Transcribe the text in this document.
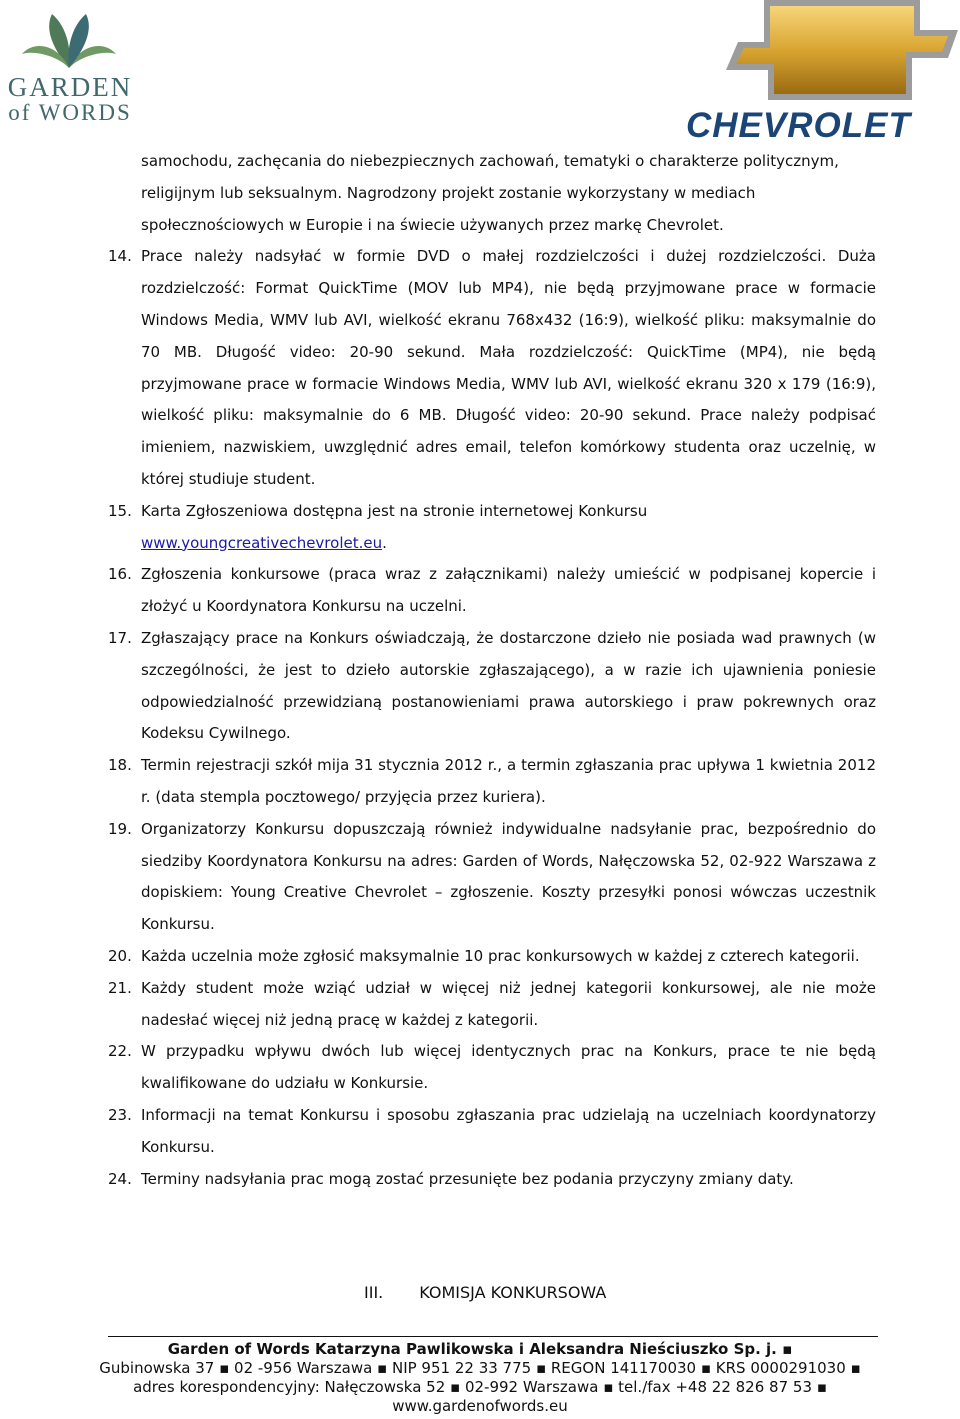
GARDEN
of WORDS	CHEVROLET
samochodu, zachęcania do niebezpiecznych zachowań, tematyki o charakterze politycznym,
religijnym lub seksualnym. Nagrodzony projekt zostanie wykorzystany w mediach
społecznościowych w Europie i na świecie używanych przez markę Chevrolet.
14. Prace należy nadsyłać w formie DVD o małej rozdzielczości i dużej rozdzielczości. Duża rozdzielczość: Format QuickTime (MOV lub MP4), nie będą przyjmowane prace w formacie Windows Media, WMV lub AVI, wielkość ekranu 768x432 (16:9), wielkość pliku: maksymalnie do 70 MB. Długość video: 20-90 sekund. Mała rozdzielczość: QuickTime (MP4), nie będą przyjmowane prace w formacie Windows Media, WMV lub AVI, wielkość ekranu 320 x 179 (16:9), wielkość pliku: maksymalnie do 6 MB. Długość video: 20-90 sekund. Prace należy podpisać imieniem, nazwiskiem, uwzględnić adres email, telefon komórkowy studenta oraz uczelnię, w której studiuje student.
15. Karta Zgłoszeniowa dostępna jest na stronie internetowej Konkursu
www.youngcreativechevrolet.eu.
16. Zgłoszenia konkursowe (praca wraz z załącznikami) należy umieścić w podpisanej kopercie i złożyć u Koordynatora Konkursu na uczelni.
17. Zgłaszający prace na Konkurs oświadczają, że dostarczone dzieło nie posiada wad prawnych (w szczególności, że jest to dzieło autorskie zgłaszającego), a w razie ich ujawnienia poniesie odpowiedzialność przewidzianą postanowieniami prawa autorskiego i praw pokrewnych oraz Kodeksu Cywilnego.
18. Termin rejestracji szkół mija 31 stycznia 2012 r., a termin zgłaszania prac upływa 1 kwietnia 2012 r. (data stempla pocztowego/ przyjęcia przez kuriera).
19. Organizatorzy Konkursu dopuszczają również indywidualne nadsyłanie prac, bezpośrednio do siedziby Koordynatora Konkursu na adres: Garden of Words, Nałęczowska 52, 02-922 Warszawa z dopiskiem: Young Creative Chevrolet – zgłoszenie. Koszty przesyłki ponosi wówczas uczestnik Konkursu.
20. Każda uczelnia może zgłosić maksymalnie 10 prac konkursowych w każdej z czterech kategorii.
21. Każdy student może wziąć udział w więcej niż jednej kategorii konkursowej, ale nie może nadesłać więcej niż jedną pracę w każdej z kategorii.
22. W przypadku wpływu dwóch lub więcej identycznych prac na Konkurs, prace te nie będą kwalifikowane do udziału w Konkursie.
23. Informacji na temat Konkursu i sposobu zgłaszania prac udzielają na uczelniach koordynatorzy Konkursu.
24. Terminy nadsyłania prac mogą zostać przesunięte bez podania przyczyny zmiany daty.
III. KOMISJA KONKURSOWA
Garden of Words Katarzyna Pawlikowska i Aleksandra Nieściuszko Sp. j. ▪
Gubinowska 37 ▪ 02 -956 Warszawa ▪ NIP 951 22 33 775 ▪ REGON 141170030 ▪ KRS 0000291030 ▪
adres korespondencyjny: Nałęczowska 52 ▪ 02-992 Warszawa ▪ tel./fax +48 22 826 87 53 ▪
www.gardenofwords.eu
